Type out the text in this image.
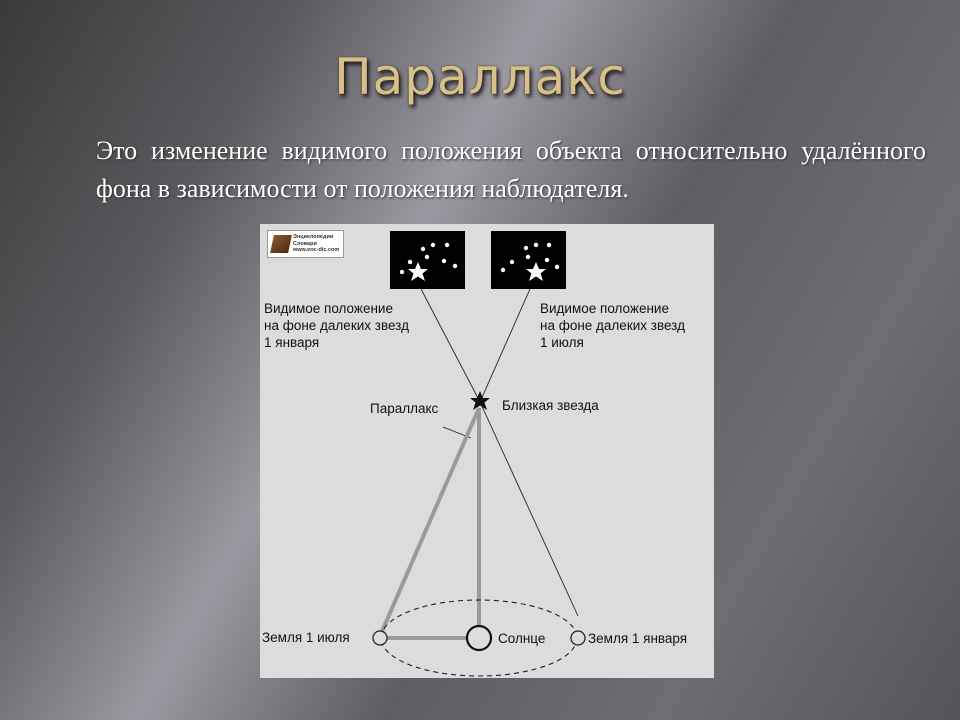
Параллакс
Это изменение видимого положения объекта относительно удалённого фона в зависимости от положения наблюдателя.
Энциклопедии
Словари
www.enc-dic.com
Видимое положение
на фоне далеких звезд
1 января
Видимое положение
на фоне далеких звезд
1 июля
Параллакс	Близкая звезда
Земля 1 июля	Солнце	Земля 1 января
